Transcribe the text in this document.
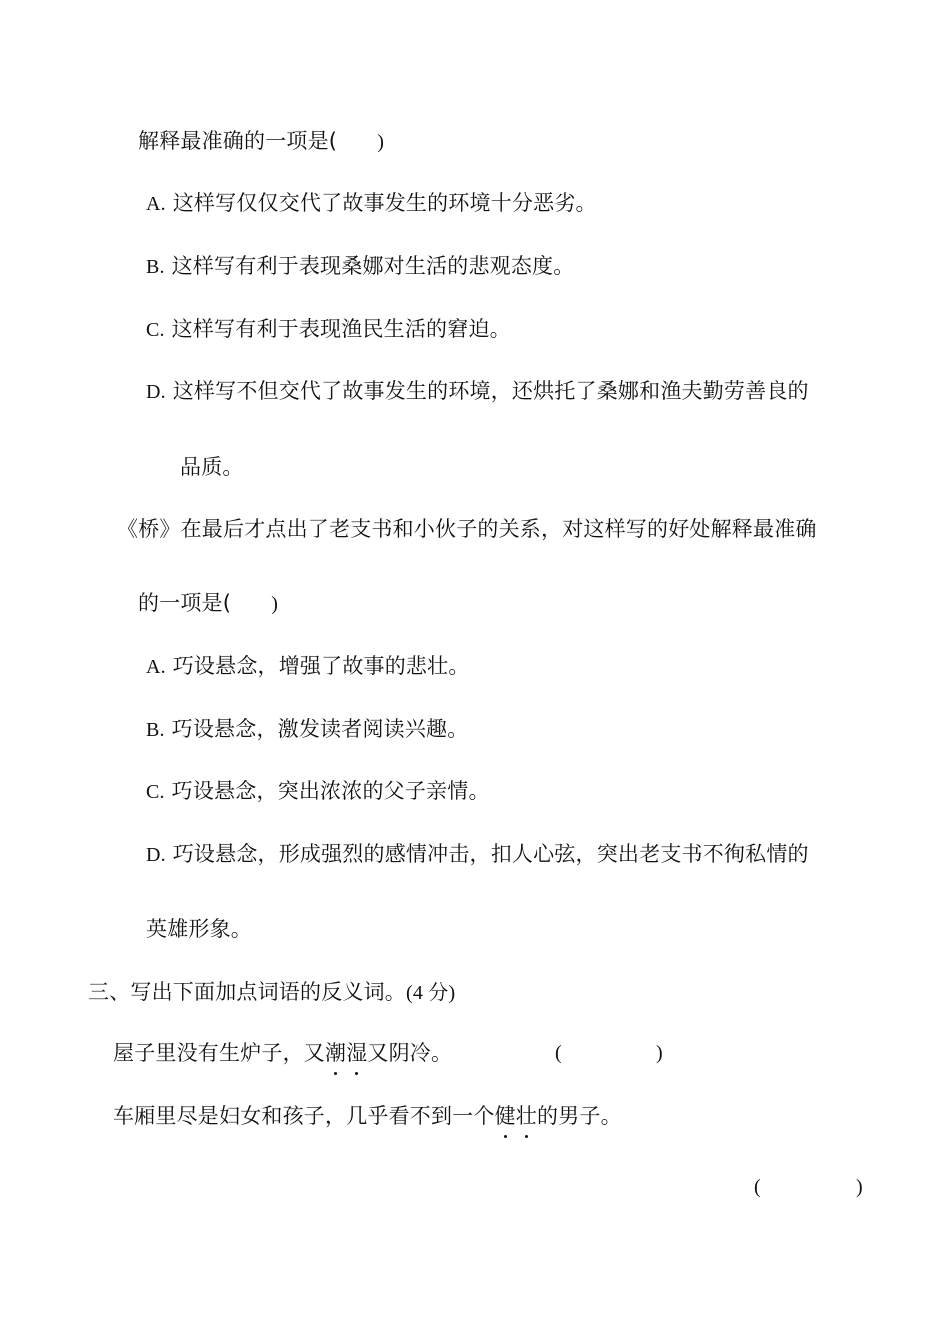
解释最准确的一项是( )
A. 这样写仅仅交代了故事发生的环境十分恶劣。
B. 这样写有利于表现桑娜对生活的悲观态度。
C. 这样写有利于表现渔民生活的窘迫。
D. 这样写不但交代了故事发生的环境，还烘托了桑娜和渔夫勤劳善良的
品质。
《桥》在最后才点出了老支书和小伙子的关系，对这样写的好处解释最准确
的一项是( )
A. 巧设悬念，增强了故事的悲壮。
B. 巧设悬念，激发读者阅读兴趣。
C. 巧设悬念，突出浓浓的父子亲情。
D. 巧设悬念，形成强烈的感情冲击，扣人心弦，突出老支书不徇私情的
英雄形象。
三、写出下面加点词语的反义词。(4 分)
屋子里没有生炉子，又潮湿
又阴冷。	(	)
车厢里尽是妇女和孩子，几乎看不到一个健壮
的男子。
(	)
